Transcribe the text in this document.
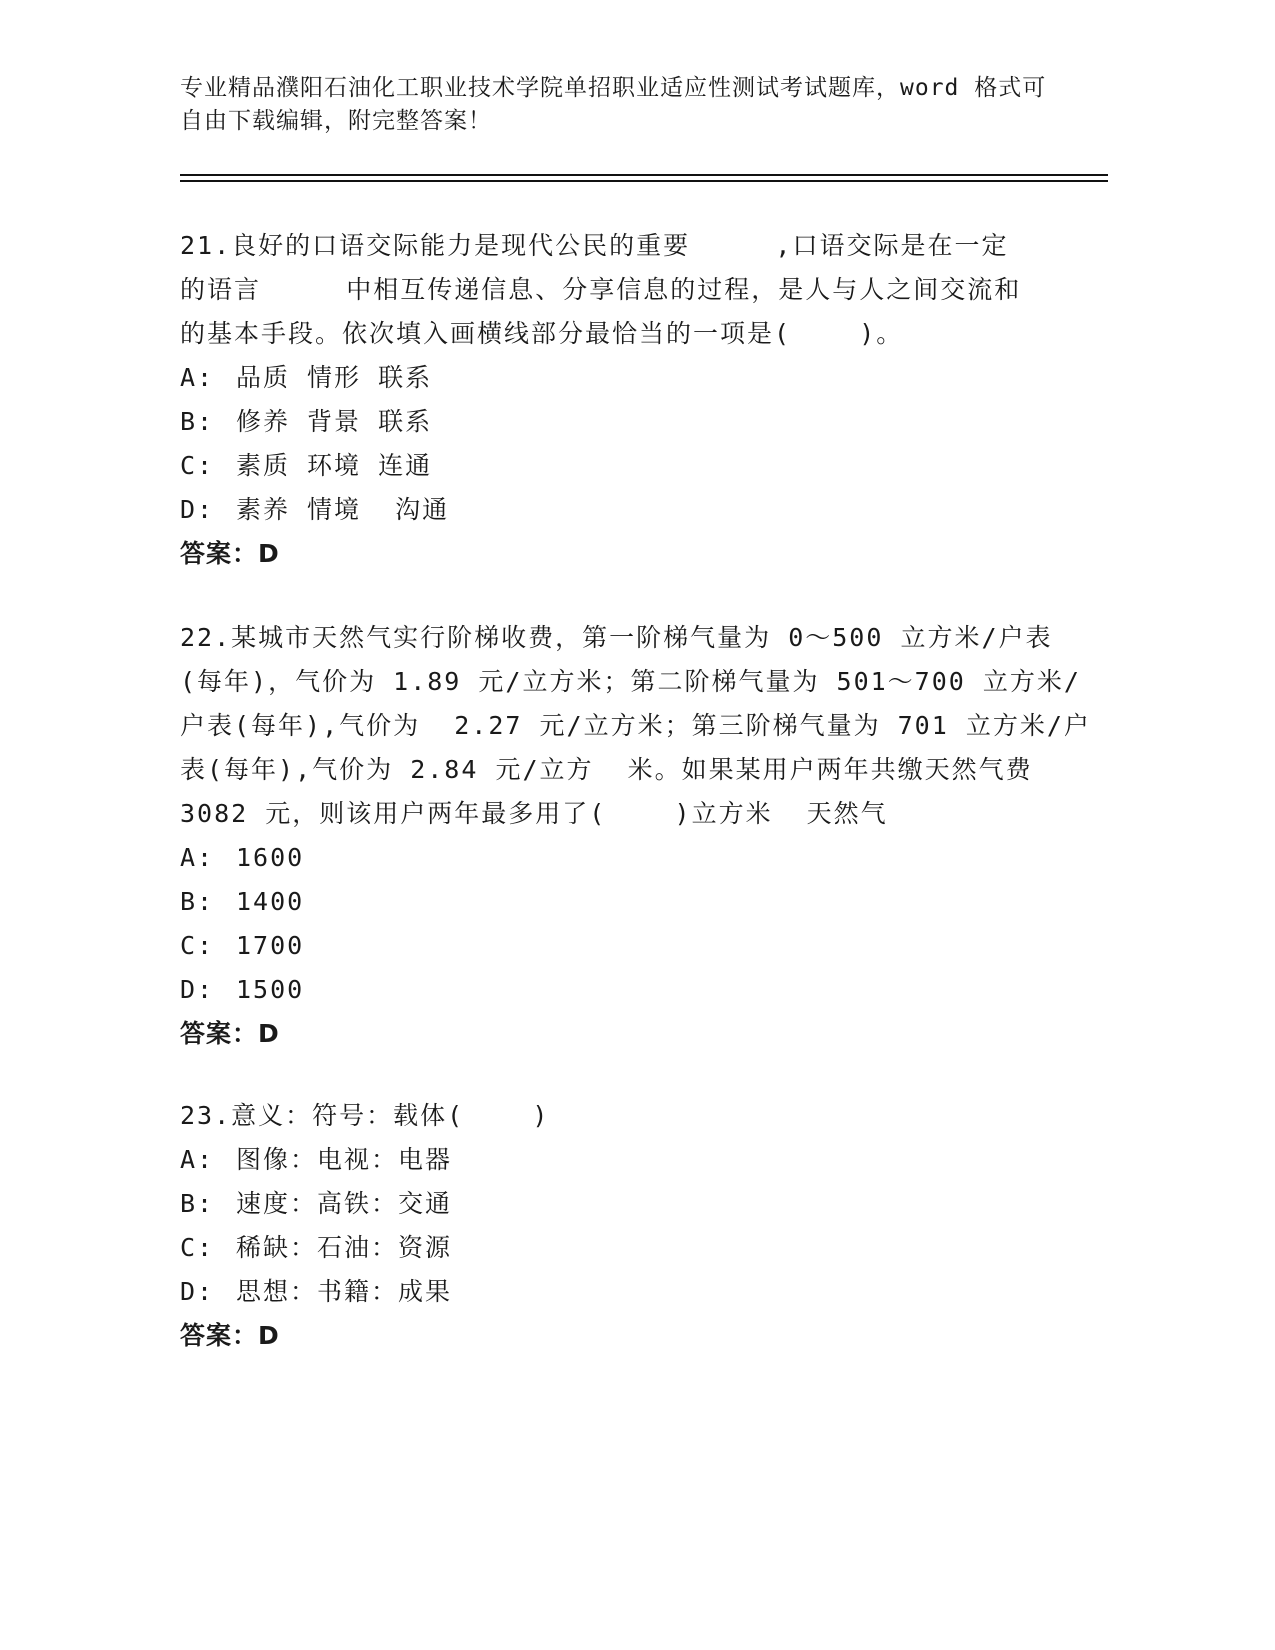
专业精品濮阳石油化工职业技术学院单招职业适应性测试考试题库，word 格式可
自由下载编辑，附完整答案！
21.良好的口语交际能力是现代公民的重要     ,口语交际是在一定
的语言     中相互传递信息、分享信息的过程，是人与人之间交流和
的基本手段。依次填入画横线部分最恰当的一项是(    )。
A: 品质 情形 联系
B: 修养 背景 联系
C: 素质 环境 连通
D: 素养 情境  沟通
答案：D
22.某城市天然气实行阶梯收费，第一阶梯气量为 0～500 立方米/户表
(每年)，气价为 1.89 元/立方米；第二阶梯气量为 501～700 立方米/
户表(每年),气价为  2.27 元/立方米；第三阶梯气量为 701 立方米/户
表(每年),气价为 2.84 元/立方  米。如果某用户两年共缴天然气费
3082 元，则该用户两年最多用了(    )立方米  天然气
A: 1600
B: 1400
C: 1700
D: 1500
答案：D
23.意义：符号：载体(    )
A: 图像：电视：电器
B: 速度：高铁：交通
C: 稀缺：石油：资源
D: 思想：书籍：成果
答案：D
